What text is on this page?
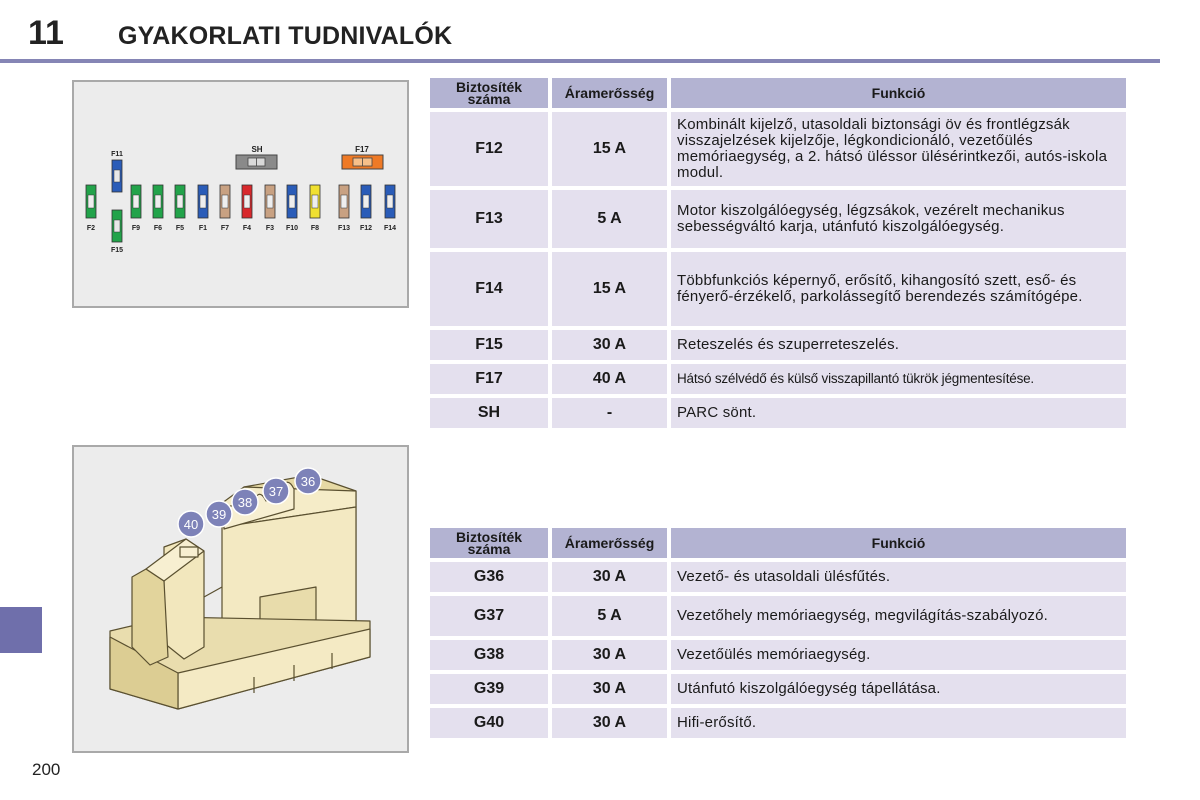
11 GYAKORLATI TUDNIVALÓK
200
SH	F17
F11
F15
F2	F9 F6 F5 F1 F7 F4 F3 F10 F8	F13 F12 F14
36
37
38
39
40
Biztosíték száma	Áramerősség	Funkció
F12	15 A	Kombinált kijelző, utasoldali biztonsági öv és frontlégzsák visszajelzések kijelzője, légkondicionáló, vezetőülés memóriaegység, a 2. hátsó üléssor ülésérintkezői, autós-iskola modul.
F13	5 A	Motor kiszolgálóegység, légzsákok, vezérelt mechanikus sebességváltó karja, utánfutó kiszolgálóegység.
F14	15 A	Többfunkciós képernyő, erősítő, kihangosító szett, eső- és fényerő-érzékelő, parkolássegítő berendezés számítógépe.
F15	30 A	Reteszelés és szuperreteszelés.
F17	40 A	Hátsó szélvédő és külső visszapillantó tükrök jégmentesítése.
SH	-	PARC sönt.
Biztosíték száma	Áramerősség	Funkció
G36	30 A	Vezető- és utasoldali ülésfűtés.
G37	5 A	Vezetőhely memóriaegység, megvilágítás-szabályozó.
G38	30 A	Vezetőülés memóriaegység.
G39	30 A	Utánfutó kiszolgálóegység tápellátása.
G40	30 A	Hifi-erősítő.
